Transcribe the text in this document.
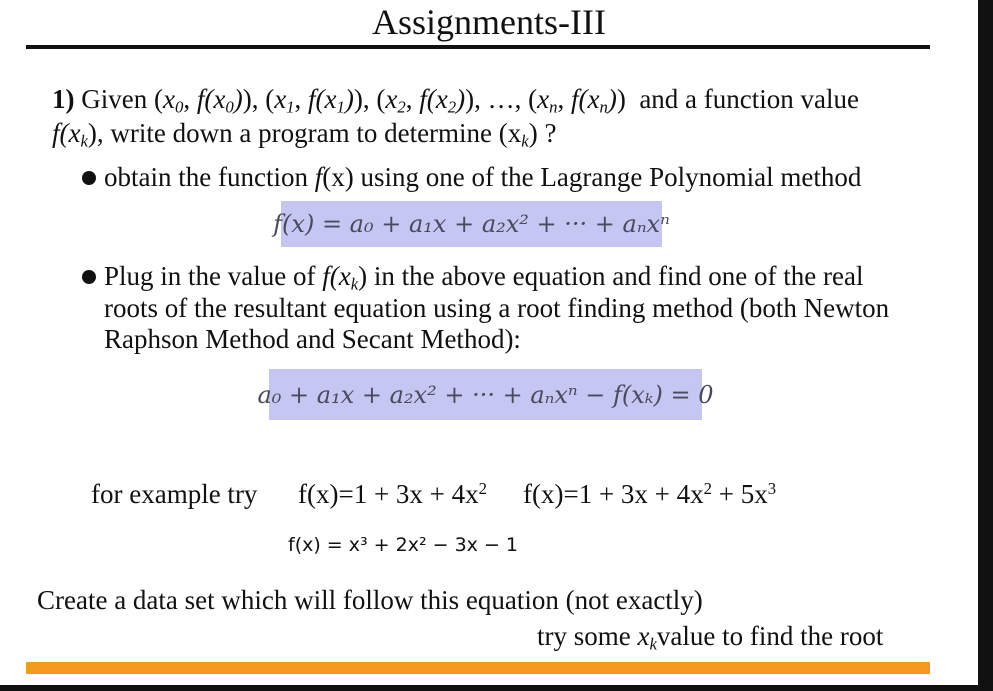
Assignments-III
1) Given ($x_0$, $f(x_0)$), ($x_1$, $f(x_1)$), ($x_2$, $f(x_2)$), …, ($x_n$, $f(x_n)$) and a function value
$f(x_k)$, write down a program to determine $(x_k)$ ?
obtain the function f(x) using one of the Lagrange Polynomial method
f(x) = a₀ + a₁x + a₂x² + ··· + aₙxⁿ
Plug in the value of $f(x_k)$ in the above equation and find one of the real
roots of the resultant equation using a root finding method (both Newton
Raphson Method and Secant Method):
a₀ + a₁x + a₂x² + ··· + aₙxⁿ − f(xₖ) = 0
for example try $f(x)=1 + 3x + 4x^2$ $f(x)=1 + 3x + 4x^2 + 5x^3$
f(x) = x³ + 2x² − 3x − 1
Create a data set which will follow this equation (not exactly)
try some $x_kvalue$ to find the root
